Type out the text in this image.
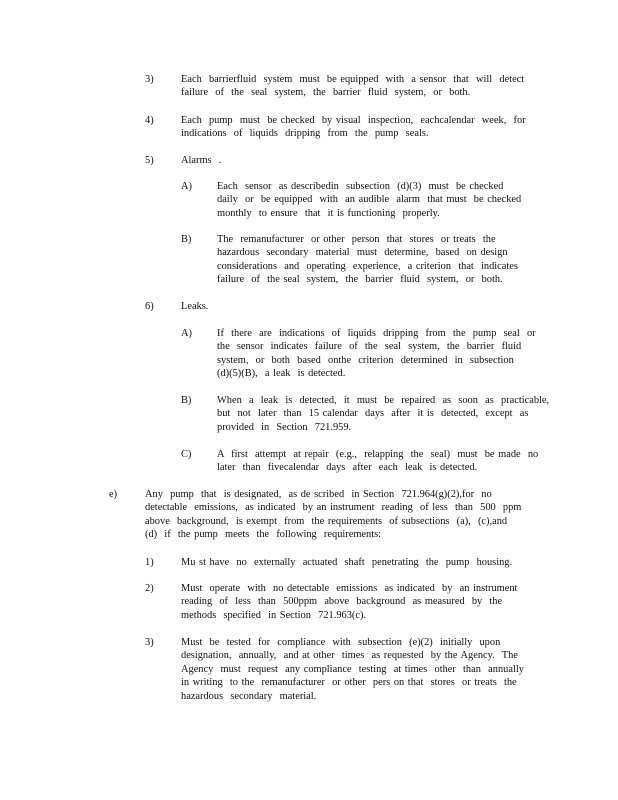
3)	Each  barrierfluid  system  must  be equipped  with  a sensor  that  will  detect
failure  of  the  seal  system,  the  barrier  fluid  system,  or  both.
4)	Each  pump  must  be checked  by visual  inspection,  eachcalendar  week,  for
indications  of  liquids  dripping  from  the  pump  seals.
5)	Alarms  .
A) Each  sensor  as describedin  subsection  (d)(3)  must  be checked
daily  or  be equipped  with  an audible  alarm  that must  be checked
monthly  to ensure  that  it is functioning  properly.
B) The  remanufacturer  or other  person  that  stores  or treats  the
hazardous  secondary  material  must  determine,  based  on design
considerations  and  operating  experience,  a criterion  that  indicates
failure  of  the seal  system,  the  barrier  fluid  system,  or  both.
6)	Leaks.
A) If  there  are  indications  of  liquids  dripping  from  the  pump  seal  or
the  sensor  indicates  failure  of  the  seal  system,  the  barrier  fluid
system,  or  both  based  onthe  criterion  determined  in  subsection
(d)(5)(B),  a leak  is detected.
B) When  a  leak  is  detected,  it  must  be  repaired  as  soon  as  practicable,
but  not  later  than  15 calendar  days  after  it is  detected,  except  as
provided  in  Section  721.959.
C) A  first  attempt  at repair  (e.g.,  relapping  the  seal)  must  be made  no
later  than  fivecalendar  days  after  each  leak  is detected.
e)	Any  pump  that  is designated,  as de scribed  in Section  721.964(g)(2),for  no
detectable  emissions,  as indicated  by an instrument  reading  of less  than  500  ppm
above  background,  is exempt  from  the requirements  of subsections  (a),  (c),and
(d)  if  the pump  meets  the  following  requirements:
1)	Mu st have  no  externally  actuated  shaft  penetrating  the  pump  housing.
2)	Must  operate  with  no detectable  emissions  as indicated  by  an instrument
reading  of  less  than  500ppm  above  background  as measured  by  the
methods  specified  in Section  721.963(c).
3)	Must  be  tested  for  compliance  with  subsection  (e)(2)  initially  upon
designation,  annually,  and at other  times  as requested  by the Agency.  The
Agency  must  request  any compliance  testing  at times  other  than  annually
in writing  to the  remanufacturer  or other  pers on that  stores  or treats  the
hazardous  secondary  material.
